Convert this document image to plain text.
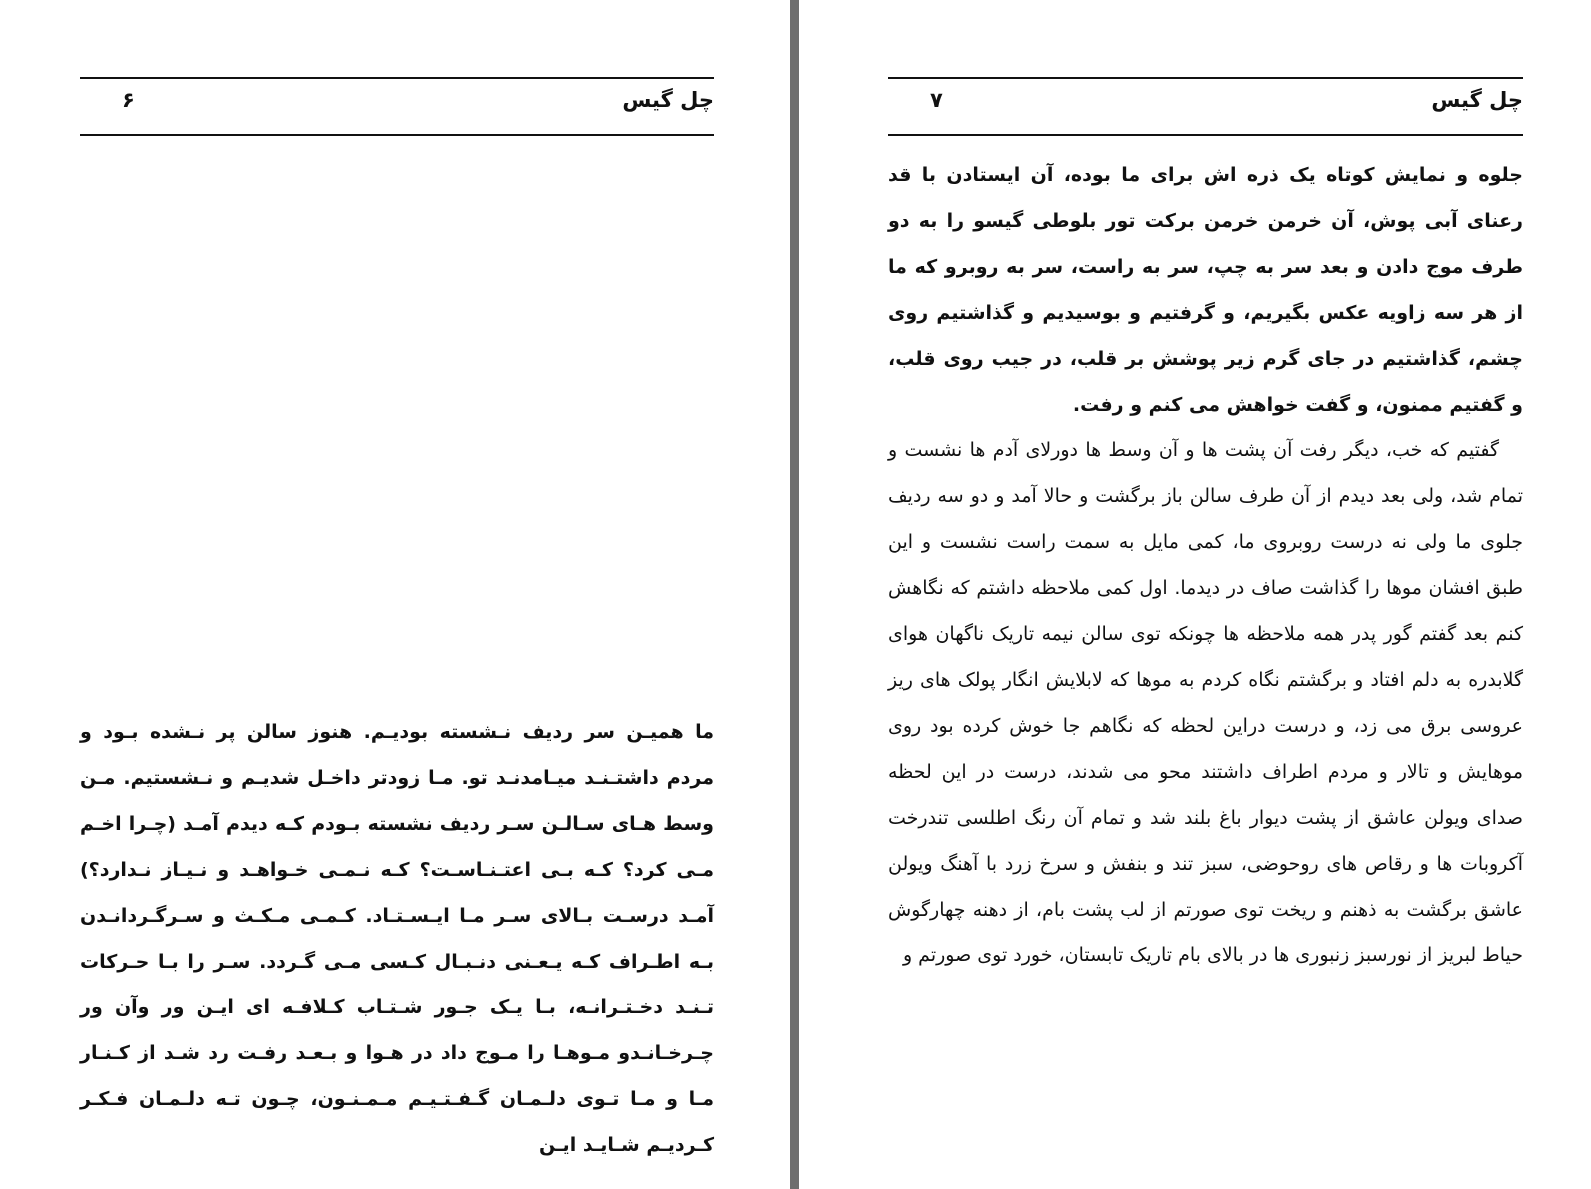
چل گیس
۶

ما همیـن سر ردیف نـشسته بودیـم. هنوز سالن پر نـشده بـود و مردم داشتـنـد میـامدنـد تو. مـا زودتر داخـل شدیـم و نـشستیم. مـن وسط هـای سـالـن سـر ردیف نشسته بـودم کـه دیدم آمـد (چـرا اخـم مـی کرد؟ کـه بـی اعتـنـاسـت؟ کـه نـمـی خـواهـد و نـیـاز نـدارد؟) آمـد درسـت بـالای سـر مـا ایـسـتـاد. کـمـی مـکـث و سـرگـردانـدن بـه اطـراف کـه یـعـنی دنـبـال کـسی مـی گـردد. سـر را بـا حـرکات تـنـد دخـتـرانـه، بـا یـک جـور شـتـاب کـلافـه ای ایـن ور وآن ور چـرخـانـدو مـوهـا را مـوج داد در هـوا و بـعـد رفـت رد شـد از کـنـار مـا و مـا تـوی دلـمـان گـفـتـیـم مـمـنـون، چـون تـه دلـمـان فـکـر کـردیـم شـایـد ایـن

چل گیس
۷

جلوه و نمایش کوتاه یک ذره اش برای ما بوده، آن ایستادن با قد رعنای آبی پوش، آن خرمن خرمن برکت تور بلوطی گیسو را به دو طرف موج دادن و بعد سر به چپ، سر به راست، سر به روبرو که ما از هر سه زاویه عکس بگیریم، و گرفتیم و بوسیدیم و گذاشتیم روی چشم، گذاشتیم در جای گرم زیر پوشش بر قلب، در جیب روی قلب، و گفتیم ممنون، و گفت خواهش می کنم و رفت.

گفتیم که خب، دیگر رفت آن پشت ها و آن وسط ها دورلای آدم ها نشست و تمام شد، ولی بعد دیدم از آن طرف سالن باز برگشت و حالا آمد و دو سه ردیف جلوی ما ولی نه درست روبروی ما، کمی مایل به سمت راست نشست و این طبق افشان موها را گذاشت صاف در دیدما. اول کمی ملاحظه داشتم که نگاهش کنم بعد گفتم گور پدر همه ملاحظه ها چونکه توی سالن نیمه تاریک ناگهان هوای گلابدره به دلم افتاد و برگشتم نگاه کردم به موها که لابلایش انگار پولک های ریز عروسی برق می زد، و درست دراین لحظه که نگاهم جا خوش کرده بود روی موهایش و تالار و مردم اطراف داشتند محو می شدند، درست در این لحظه صدای ویولن عاشق از پشت دیوار باغ بلند شد و تمام آن رنگ اطلسی تندرخت آکروبات ها و رقاص های روحوضی، سبز تند و بنفش و سرخ زرد با آهنگ ویولن عاشق برگشت به ذهنم و ریخت توی صورتم از لب پشت بام، از دهنه چهارگوش حیاط لبریز از نورسبز زنبوری ها در بالای بام تاریک تابستان، خورد توی صورتم و
